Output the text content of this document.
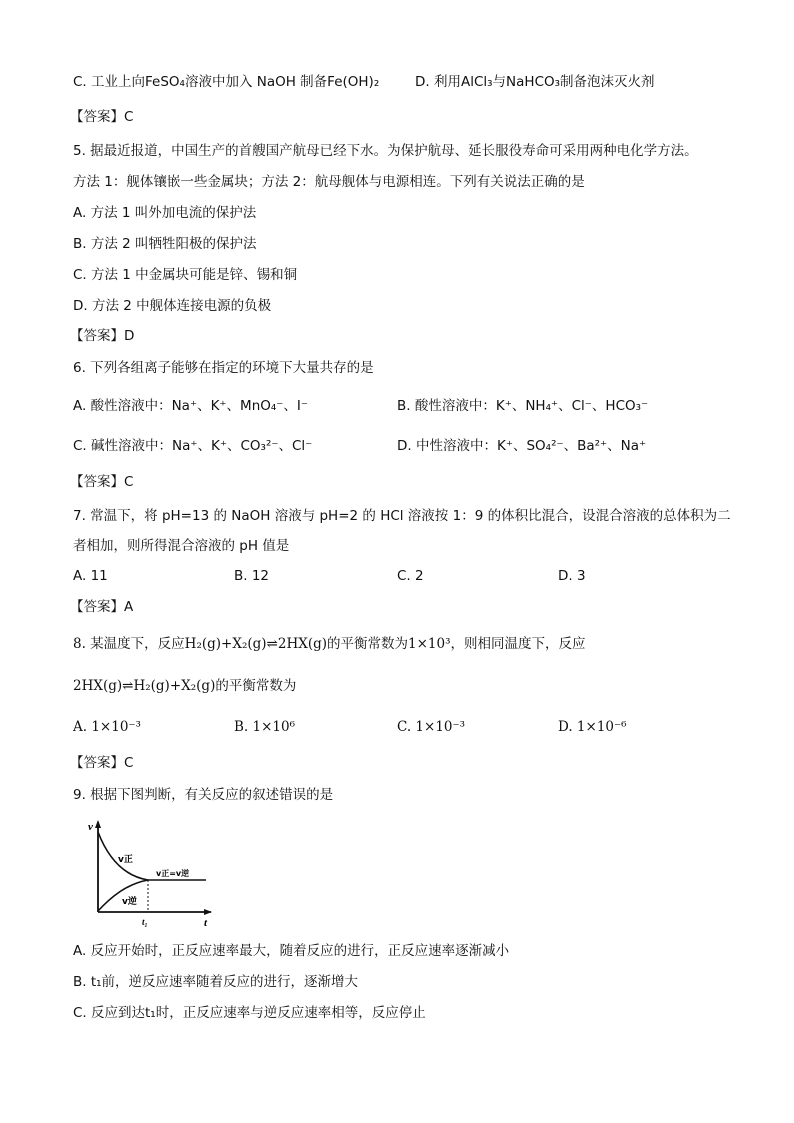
C. 工业上向FeSO₄溶液中加入 NaOH 制备Fe(OH)₂	D. 利用AlCl₃与NaHCO₃制备泡沫灭火剂
【答案】C
5. 据最近报道，中国生产的首艘国产航母已经下水。为保护航母、延长服役寿命可采用两种电化学方法。
方法 1：舰体镶嵌一些金属块；方法 2：航母舰体与电源相连。下列有关说法正确的是
A. 方法 1 叫外加电流的保护法
B. 方法 2 叫牺牲阳极的保护法
C. 方法 1 中金属块可能是锌、锡和铜
D. 方法 2 中舰体连接电源的负极
【答案】D
6. 下列各组离子能够在指定的环境下大量共存的是
A. 酸性溶液中：Na⁺、K⁺、MnO₄⁻、I⁻	B. 酸性溶液中：K⁺、NH₄⁺、Cl⁻、HCO₃⁻
C. 碱性溶液中：Na⁺、K⁺、CO₃²⁻、Cl⁻	D. 中性溶液中：K⁺、SO₄²⁻、Ba²⁺、Na⁺
【答案】C
7. 常温下，将 pH=13 的 NaOH 溶液与 pH=2 的 HCl 溶液按 1：9 的体积比混合，设混合溶液的总体积为二
者相加，则所得混合溶液的 pH 值是
A. 11	B. 12	C. 2	D. 3
【答案】A
8. 某温度下，反应H₂(g)+X₂(g)⇌2HX(g)的平衡常数为1×10³，则相同温度下，反应
2HX(g)⇌H₂(g)+X₂(g)的平衡常数为
A. 1×10⁻³	B. 1×10⁶	C. 1×10⁻³	D. 1×10⁻⁶
【答案】C
9. 根据下图判断，有关反应的叙述错误的是
v
t
v正
v逆
v正=v逆
t₁
A. 反应开始时，正反应速率最大，随着反应的进行，正反应速率逐渐减小
B. t₁前，逆反应速率随着反应的进行，逐渐增大
C. 反应到达t₁时，正反应速率与逆反应速率相等，反应停止
